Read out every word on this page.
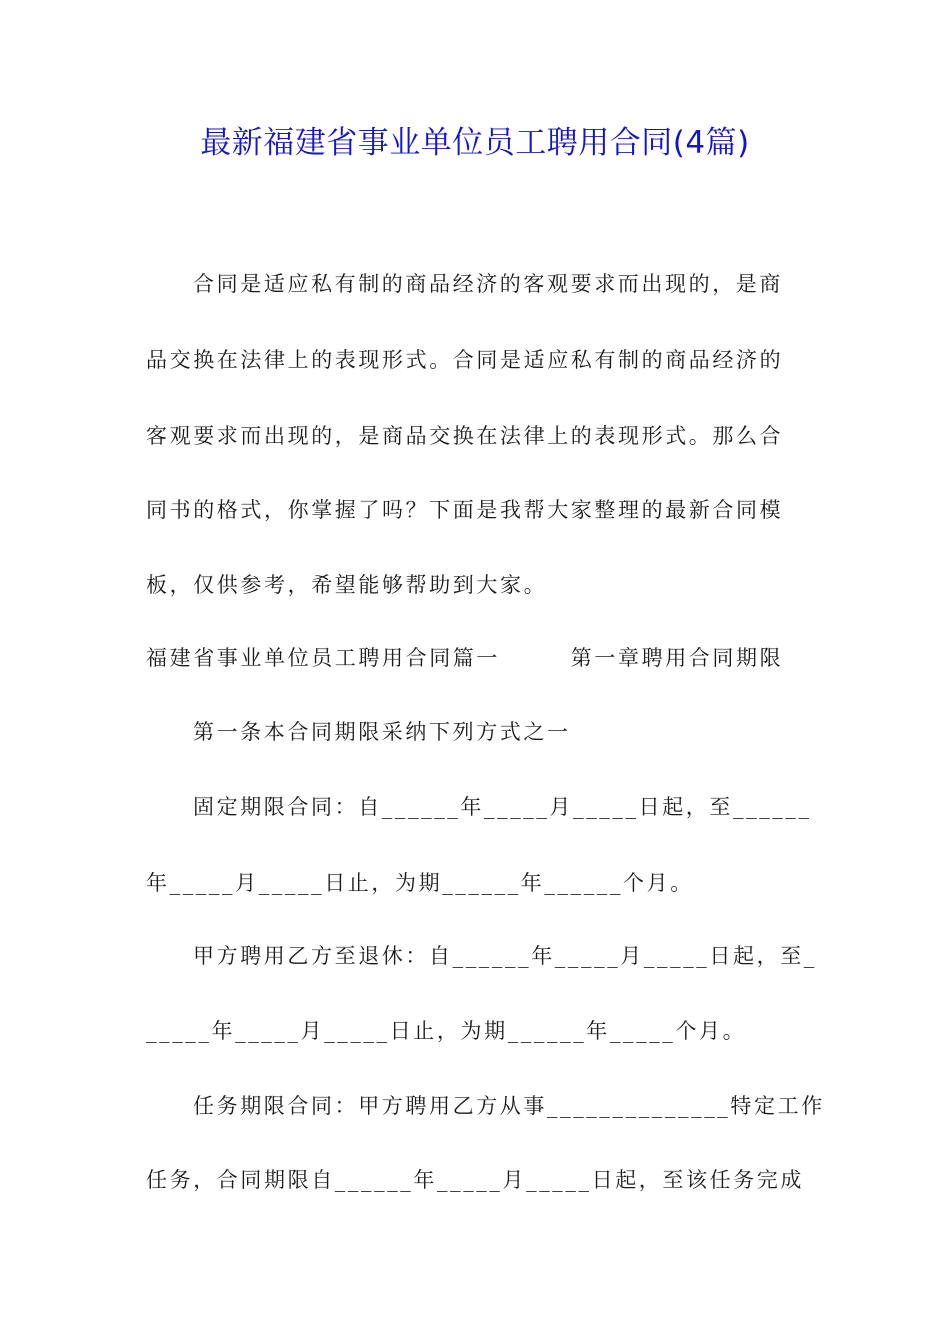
最新福建省事业单位员工聘用合同(4篇)
合同是适应私有制的商品经济的客观要求而出现的，是商
品交换在法律上的表现形式。合同是适应私有制的商品经济的
客观要求而出现的，是商品交换在法律上的表现形式。那么合
同书的格式，你掌握了吗？下面是我帮大家整理的最新合同模
板，仅供参考，希望能够帮助到大家。
福建省事业单位员工聘用合同篇一　　　第一章聘用合同期限
第一条本合同期限采纳下列方式之一
固定期限合同：自______年_____月_____日起，至______
年_____月_____日止，为期______年______个月。
甲方聘用乙方至退休：自______年_____月_____日起，至_
_____年_____月_____日止，为期______年_____个月。
任务期限合同：甲方聘用乙方从事______________特定工作
任务，合同期限自______年_____月_____日起，至该任务完成
